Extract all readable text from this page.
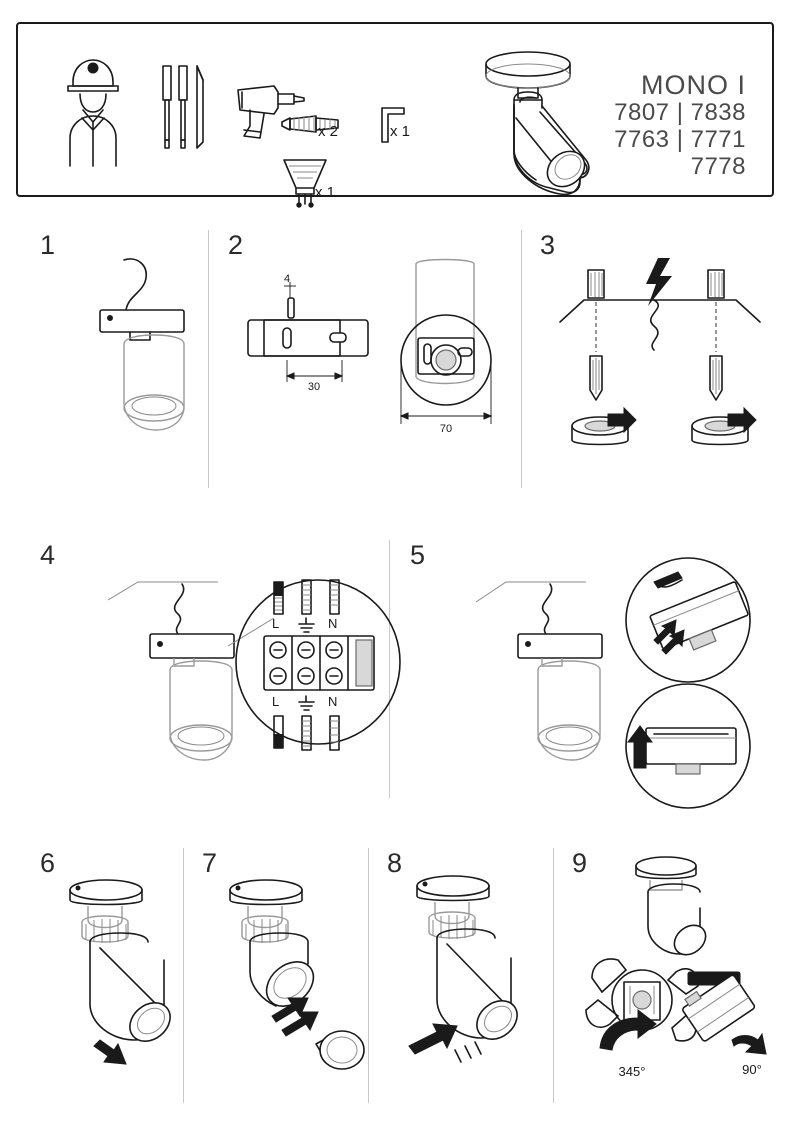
x 2	x 1
x 1
MONO I
7807 | 7838
7763 | 7771
7778
1	2
4
30
70
3
4
L	N
L	N
5
6	7	8	9
345°	90°
